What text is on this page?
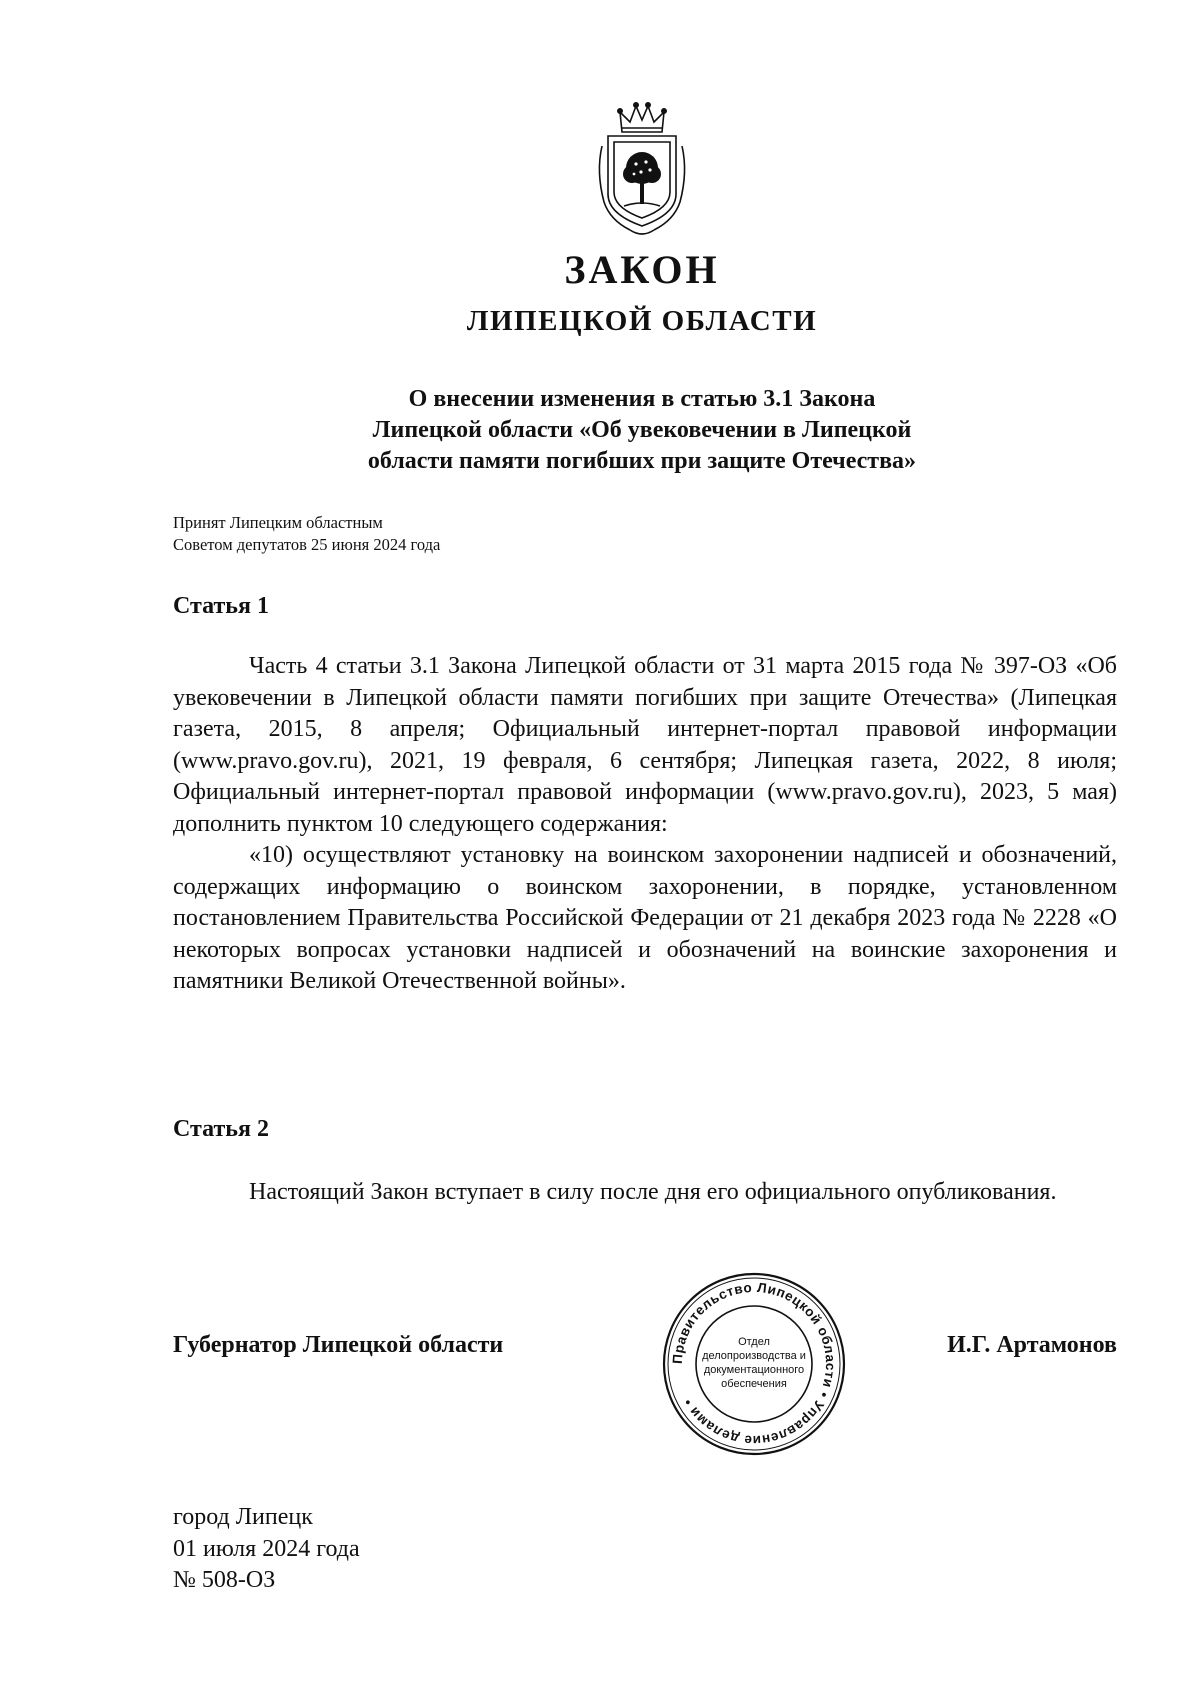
ЗАКОН
ЛИПЕЦКОЙ ОБЛАСТИ
О внесении изменения в статью 3.1 Закона
Липецкой области «Об увековечении в Липецкой
области памяти погибших при защите Отечества»
Принят Липецким областным
Советом депутатов 25 июня 2024 года
Статья 1

Часть 4 статьи 3.1 Закона Липецкой области от 31 марта 2015 года № 397-ОЗ «Об увековечении в Липецкой области памяти погибших при защите Отечества» (Липецкая газета, 2015, 8 апреля; Официальный интернет-портал правовой информации (www.pravo.gov.ru), 2021, 19 февраля, 6 сентября; Липецкая газета, 2022, 8 июля; Официальный интернет-портал правовой информации (www.pravo.gov.ru), 2023, 5 мая) дополнить пунктом 10 следующего содержания:

«10) осуществляют установку на воинском захоронении надписей и обозначений, содержащих информацию о воинском захоронении, в порядке, установленном постановлением Правительства Российской Федерации от 21 декабря 2023 года № 2228 «О некоторых вопросах установки надписей и обозначений на воинские захоронения и памятники Великой Отечественной войны».

Статья 2

Настоящий Закон вступает в силу после дня его официального опубликования.

Правительство Липецкой области • Управление делами •
Отдел
делопроизводства и
документационного
обеспечения
Губернатор Липецкой области	И.Г. Артамонов
город Липецк
01 июля 2024 года
№ 508-ОЗ
